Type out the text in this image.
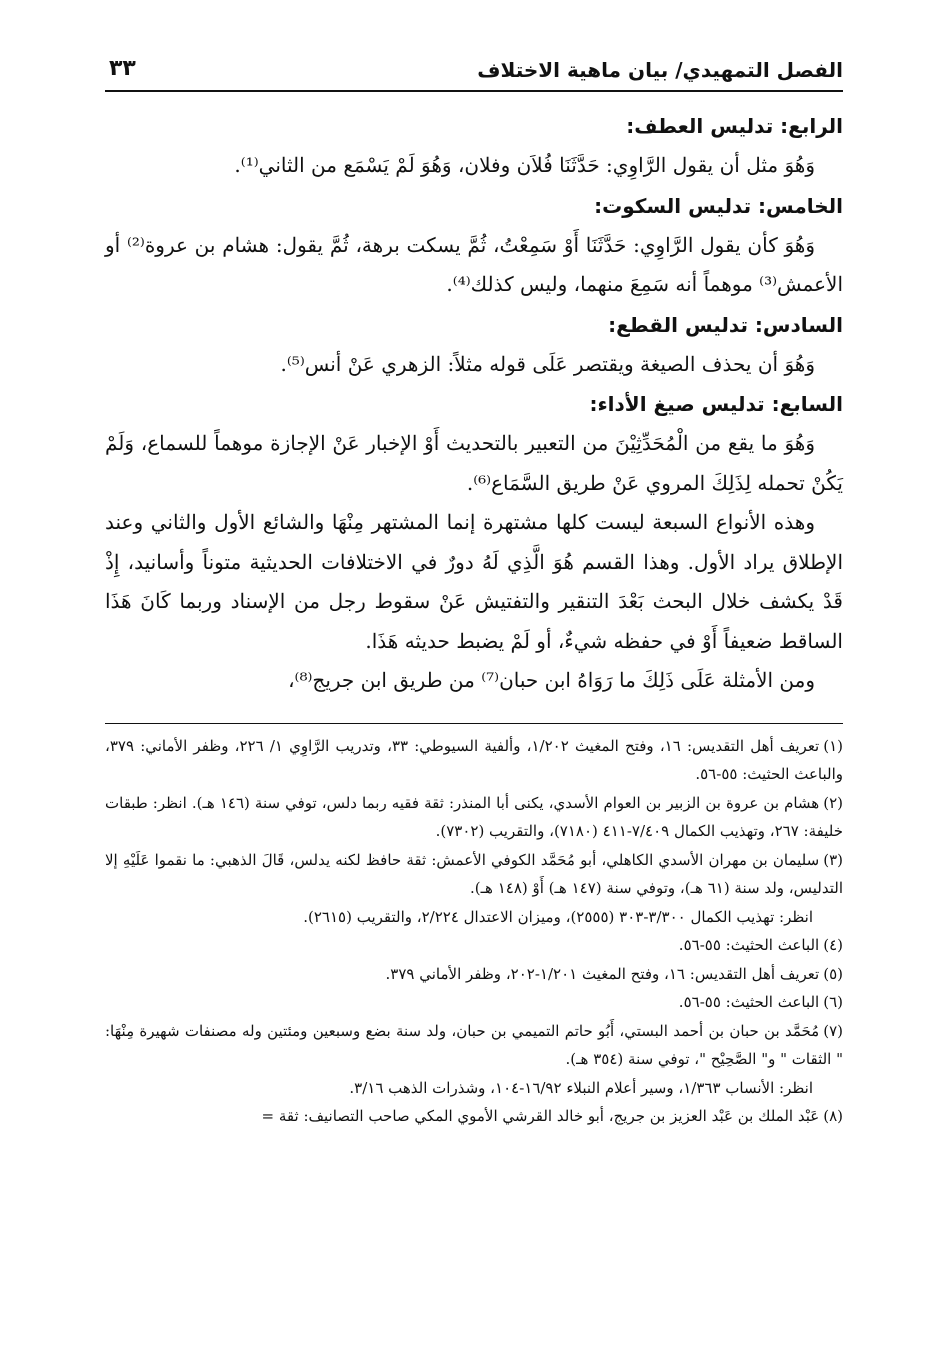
الفصل التمهيدي/ بيان ماهية الاختلاف
٣٣

الرابع: تدليس العطف:

وَهُوَ مثل أن يقول الرَّاوِي: حَدَّثَنَا فُلاَن وفلان، وَهُوَ لَمْ يَسْمَع من الثاني⁽¹⁾.

الخامس: تدليس السكوت:

وَهُوَ كأن يقول الرَّاوِي: حَدَّثَنَا أَوْ سَمِعْتُ، ثُمَّ يسكت برهة، ثُمَّ يقول: هشام بن عروة⁽²⁾ أو الأعمش⁽³⁾ موهماً أنه سَمِعَ منهما، وليس كذلك⁽⁴⁾.

السادس: تدليس القطع:

وَهُوَ أن يحذف الصيغة ويقتصر عَلَى قوله مثلاً: الزهري عَنْ أنس⁽⁵⁾.

السابع: تدليس صيغ الأداء:

وَهُوَ ما يقع من الْمُحَدِّثِيْنَ من التعبير بالتحديث أَوْ الإخبار عَنْ الإجازة موهماً للسماع، وَلَمْ يَكُنْ تحمله لِذَلِكَ المروي عَنْ طريق السَّمَاع⁽⁶⁾.

وهذه الأنواع السبعة ليست كلها مشتهرة إنما المشتهر مِنْهَا والشائع الأول والثاني وعند الإطلاق يراد الأول. وهذا القسم هُوَ الَّذِي لَهُ دورٌ في الاختلافات الحديثية متوناً وأسانيد، إِذْ قَدْ يكشف خلال البحث بَعْدَ التنقير والتفتيش عَنْ سقوط رجل من الإسناد وربما كَانَ هَذَا الساقط ضعيفاً أَوْ في حفظه شيءٌ، أو لَمْ يضبط حديثه هَذَا.

ومن الأمثلة عَلَى ذَلِكَ ما رَوَاهُ ابن حبان⁽⁷⁾ من طريق ابن جريج⁽⁸⁾،

(١)تعريف أهل التقديس: ١٦، وفتح المغيث ١/٢٠٢، وألفية السيوطي: ٣٣، وتدريب الرَّاوِي ١/ ٢٢٦، وظفر الأماني: ٣٧٩، والباعث الحثيث: ٥٥-٥٦.

(٢)هشام بن عروة بن الزبير بن العوام الأسدي، يكنى أبا المنذر: ثقة فقيه ربما دلس، توفي سنة (١٤٦ هـ). انظر: طبقات خليفة: ٢٦٧، وتهذيب الكمال ٧/٤٠٩-٤١١ (٧١٨٠)، والتقريب (٧٣٠٢).

(٣)سليمان بن مهران الأسدي الكاهلي، أبو مُحَمَّد الكوفي الأعمش: ثقة حافظ لكنه يدلس، قَالَ الذهبي: ما نقموا عَلَيْهِ إلا التدليس، ولد سنة (٦١ هـ)، وتوفي سنة (١٤٧ هـ) أَوْ (١٤٨ هـ).

انظر: تهذيب الكمال ٣/٣٠٠-٣٠٣ (٢٥٥٥)، وميزان الاعتدال ٢/٢٢٤، والتقريب (٢٦١٥).

(٤)الباعث الحثيث: ٥٥-٥٦.

(٥)تعريف أهل التقديس: ١٦، وفتح المغيث ١/٢٠١-٢٠٢، وظفر الأماني ٣٧٩.

(٦)الباعث الحثيث: ٥٥-٥٦.

(٧)مُحَمَّد بن حبان بن أحمد البستي، أَبُو حاتم التميمي بن حبان، ولد سنة بضع وسبعين ومئتين وله مصنفات شهيرة مِنْهَا: " الثقات " و" الصَّحِيْح "، توفي سنة (٣٥٤ هـ).

انظر: الأنساب ١/٣٦٣، وسير أعلام النبلاء ١٦/٩٢-١٠٤، وشذرات الذهب ٣/١٦.

(٨)عَبْد الملك بن عَبْد العزيز بن جريج، أبو خالد القرشي الأموي المكي صاحب التصانيف: ثقة =
